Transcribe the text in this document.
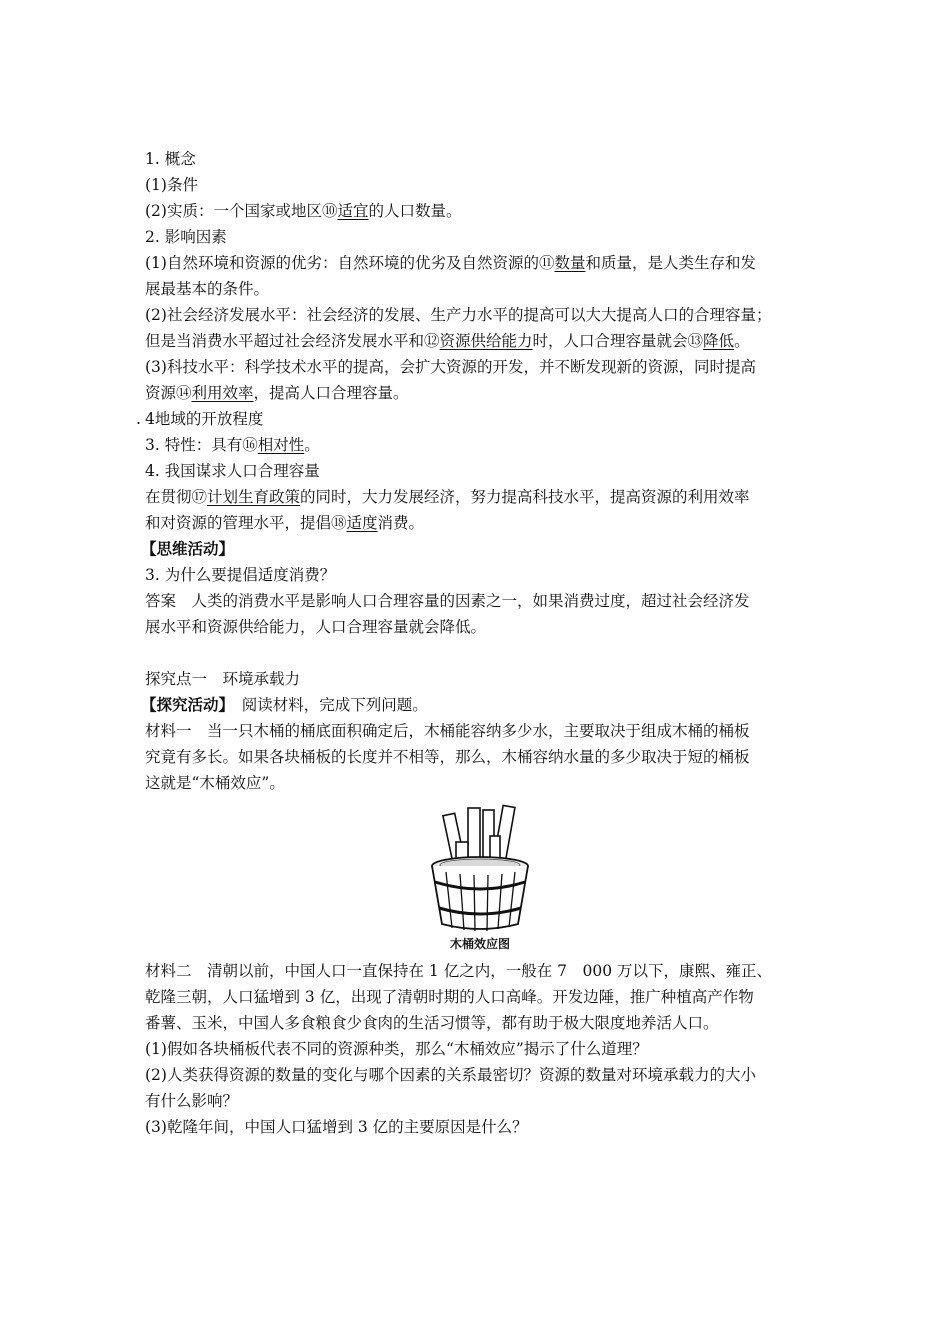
1. 概念
(1)条件
(2)实质：一个国家或地区⑩适宜的人口数量。
2. 影响因素
(1)自然环境和资源的优劣：自然环境的优劣及自然资源的⑪数量和质量，是人类生存和发
展最基本的条件。
(2)社会经济发展水平：社会经济的发展、生产力水平的提高可以大大提高人口的合理容量；
但是当消费水平超过社会经济发展水平和⑫资源供给能力时，人口合理容量就会⑬降低。
(3)科技水平：科学技术水平的提高，会扩大资源的开发，并不断发现新的资源，同时提高
资源⑭利用效率，提高人口合理容量。
. 4地域的开放程度
3. 特性：具有⑯相对性。
4. 我国谋求人口合理容量
在贯彻⑰计划生育政策的同时，大力发展经济，努力提高科技水平，提高资源的利用效率
和对资源的管理水平，提倡⑱适度消费。
【思维活动】
3. 为什么要提倡适度消费？
答案　人类的消费水平是影响人口合理容量的因素之一，如果消费过度，超过社会经济发
展水平和资源供给能力，人口合理容量就会降低。
探究点一　环境承载力
【探究活动】  阅读材料，完成下列问题。
材料一　当一只木桶的桶底面积确定后，木桶能容纳多少水，主要取决于组成木桶的桶板
究竟有多长。如果各块桶板的长度并不相等，那么，木桶容纳水量的多少取决于短的桶板
这就是“木桶效应”。
木桶效应图
材料二　清朝以前，中国人口一直保持在 1 亿之内，一般在 7　000 万以下，康熙、雍正、
乾隆三朝，人口猛增到 3 亿，出现了清朝时期的人口高峰。开发边陲，推广种植高产作物
番薯、玉米，中国人多食粮食少食肉的生活习惯等，都有助于极大限度地养活人口。
(1)假如各块桶板代表不同的资源种类，那么“木桶效应”揭示了什么道理？
(2)人类获得资源的数量的变化与哪个因素的关系最密切？资源的数量对环境承载力的大小
有什么影响？
(3)乾隆年间，中国人口猛增到 3 亿的主要原因是什么？
